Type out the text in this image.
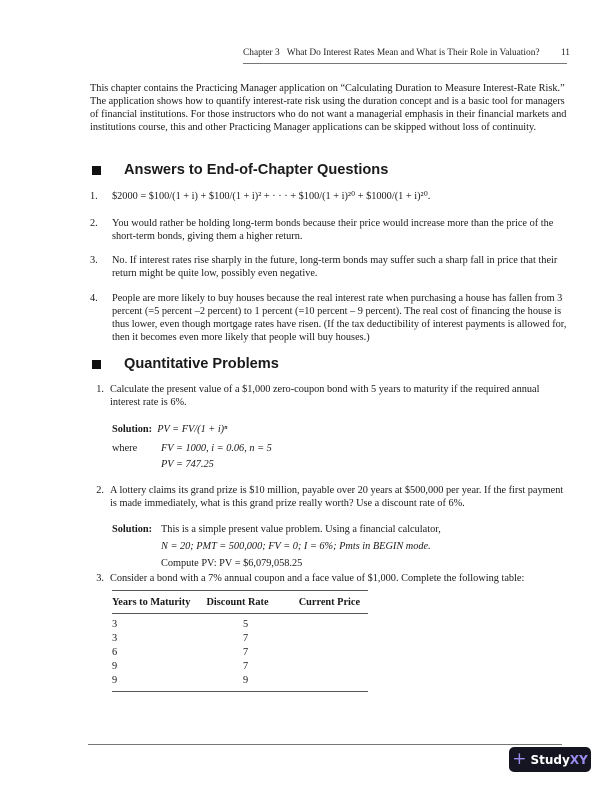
Chapter 3 What Do Interest Rates Mean and What is Their Role in Valuation? 11

This chapter contains the Practicing Manager application on “Calculating Duration to Measure Interest-Rate Risk.” The application shows how to quantify interest-rate risk using the duration concept and is a basic tool for managers of financial institutions. For those instructors who do not want a managerial emphasis in their financial markets and institutions course, this and other Practicing Manager applications can be skipped without loss of continuity.

Answers to End-of-Chapter Questions
1.	$2000 = $100/(1 + i) + $100/(1 + i)² + · · · + $100/(1 + i)²⁰ + $1000/(1 + i)²⁰.
2.	You would rather be holding long-term bonds because their price would increase more than the price of the short-term bonds, giving them a higher return.
3.	No. If interest rates rise sharply in the future, long-term bonds may suffer such a sharp fall in price that their return might be quite low, possibly even negative.
4.	People are more likely to buy houses because the real interest rate when purchasing a house has fallen from 3 percent (=5 percent –2 percent) to 1 percent (=10 percent – 9 percent). The real cost of financing the house is thus lower, even though mortgage rates have risen. (If the tax deductibility of interest payments is allowed for, then it becomes even more likely that people will buy houses.)
Quantitative Problems
1. Calculate the present value of a $1,000 zero-coupon bond with 5 years to maturity if the required annual interest rate is 6%.
Solution: PV = FV/(1 + i)ⁿ
where FV = 1000, i = 0.06, n = 5
PV = 747.25
2. A lottery claims its grand prize is $10 million, payable over 20 years at $500,000 per year. If the first payment is made immediately, what is this grand prize really worth? Use a discount rate of 6%.
Solution: This is a simple present value problem. Using a financial calculator,
N = 20; PMT = 500,000; FV = 0; I = 6%; Pmts in BEGIN mode.
Compute PV: PV = $6,079,058.25
3. Consider a bond with a 7% annual coupon and a face value of $1,000. Complete the following table:
Years to Maturity	Discount Rate	Current Price
3	5	
3	7	
6	7	
9	7	
9	9	
+ Study XY
